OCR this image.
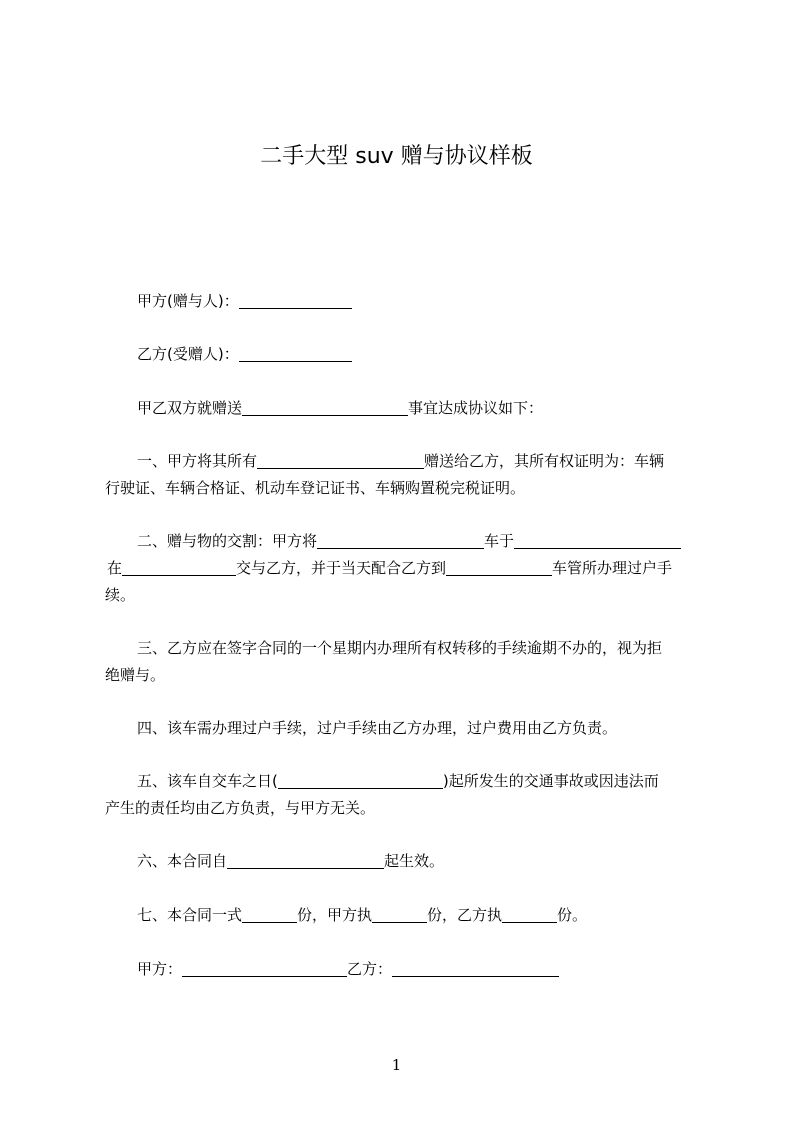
二手大型 suv 赠与协议样板
甲方(赠与人)：
乙方(受赠人)：
甲乙双方就赠送	事宜达成协议如下：
一、甲方将其所有	赠送给乙方，其所有权证明为：车辆
行驶证、车辆合格证、机动车登记证书、车辆购置税完税证明。
二、赠与物的交割：甲方将	车于
在	交与乙方，并于当天配合乙方到	车管所办理过户手
续。
三、乙方应在签字合同的一个星期内办理所有权转移的手续逾期不办的，视为拒
绝赠与。
四、该车需办理过户手续，过户手续由乙方办理，过户费用由乙方负责。
五、该车自交车之日(	)起所发生的交通事故或因违法而
产生的责任均由乙方负责，与甲方无关。
六、本合同自	起生效。
七、本合同一式	份，甲方执	份，乙方执	份。
甲方：	乙方：
1
